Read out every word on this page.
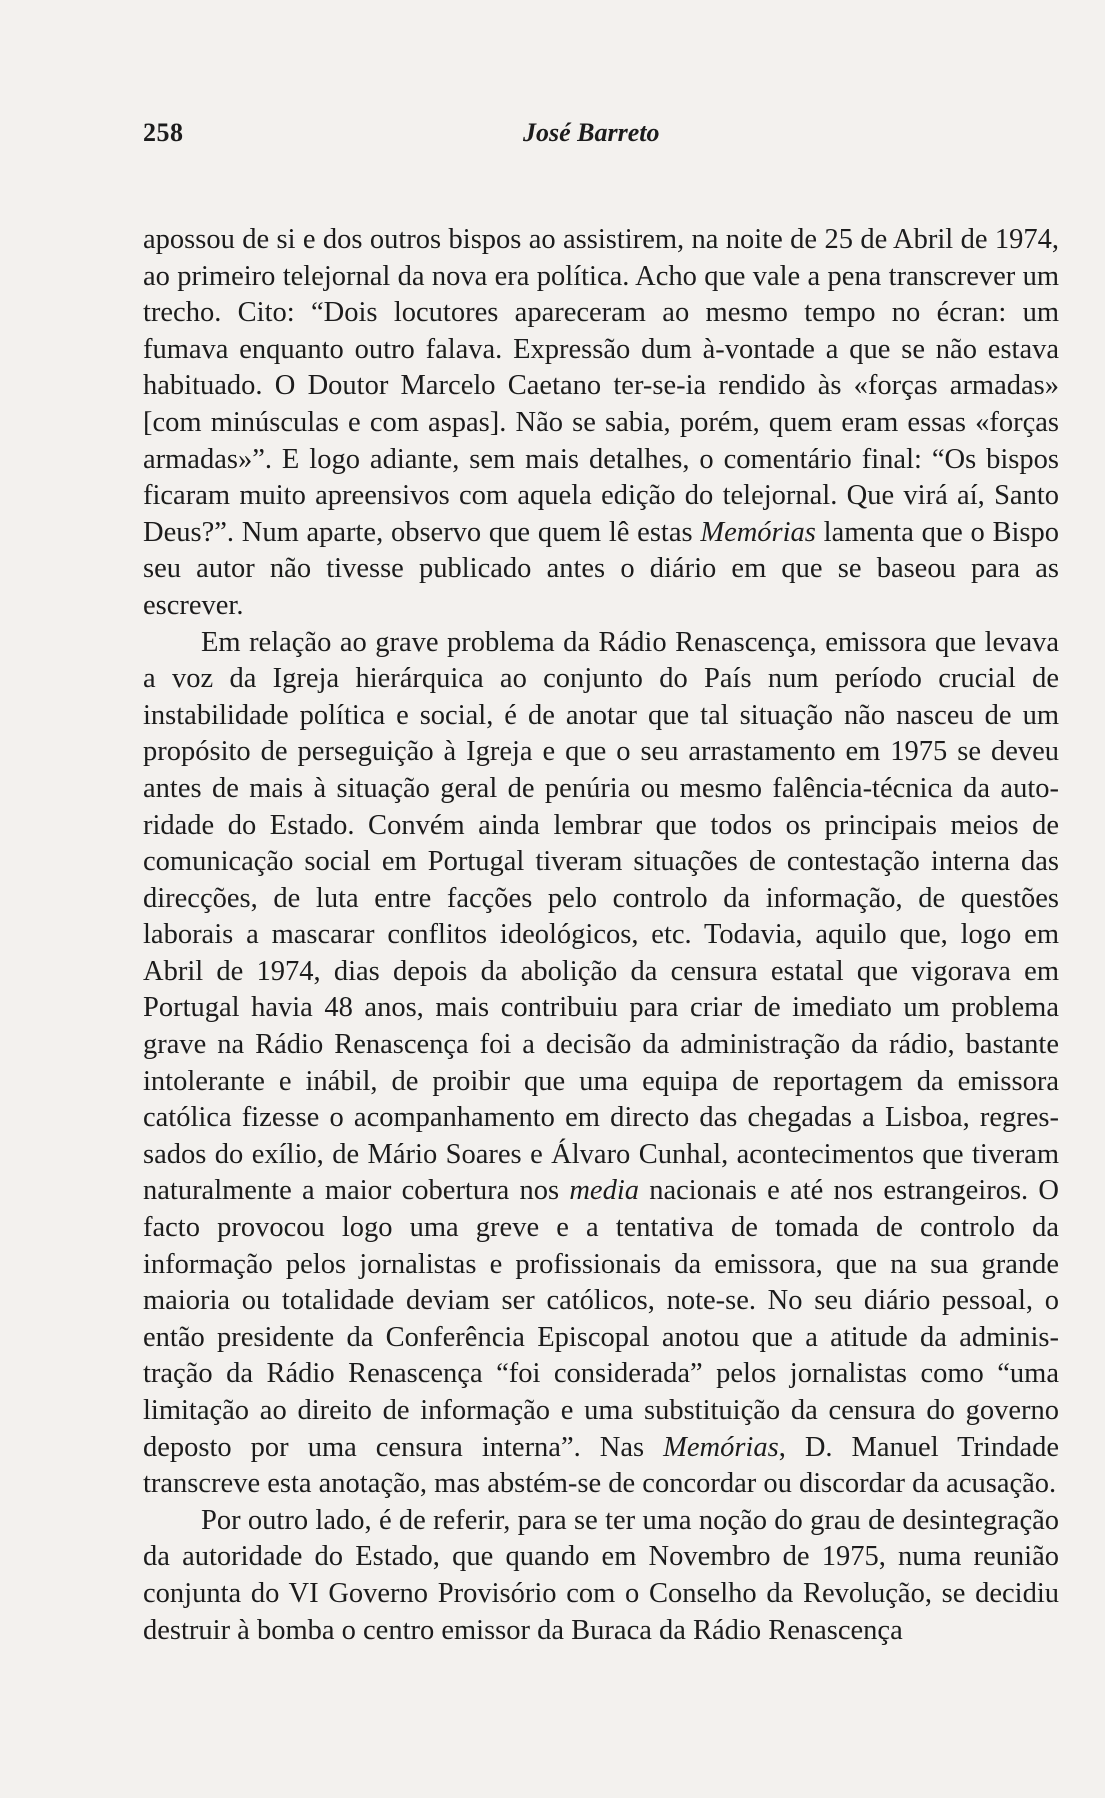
258	José Barreto

apossou de si e dos outros bispos ao assistirem, na noite de 25 de Abril de 1974, ao primeiro telejornal da nova era política. Acho que vale a pena transcrever um trecho. Cito: “Dois locutores apareceram ao mesmo tempo no écran: um fumava enquanto outro falava. Expressão dum à-vontade a que se não estava habituado. O Doutor Marcelo Caetano ter-se-ia rendido às «forças armadas» [com minúsculas e com aspas]. Não se sabia, porém, quem eram essas «forças armadas»”. E logo adiante, sem mais detalhes, o comentário final: “Os bispos ficaram muito apreensivos com aquela edição do telejornal. Que virá aí, Santo Deus?”. Num aparte, observo que quem lê estas Memórias lamenta que o Bispo seu autor não tivesse publicado antes o diário em que se baseou para as escrever.

Em relação ao grave problema da Rádio Renascença, emissora que levava a voz da Igreja hierárquica ao conjunto do País num período crucial de instabilidade política e social, é de anotar que tal situação não nasceu de um propósito de perseguição à Igreja e que o seu arrastamento em 1975 se deveu antes de mais à situação geral de penúria ou mesmo falência-técnica da autoridade do Estado. Convém ainda lembrar que todos os principais meios de comunicação social em Portugal tiveram situações de contestação interna das direcções, de luta entre facções pelo controlo da informação, de questões laborais a mascarar conflitos ideológicos, etc. Todavia, aquilo que, logo em Abril de 1974, dias depois da abolição da censura estatal que vigorava em Portugal havia 48 anos, mais contribuiu para criar de imediato um problema grave na Rádio Renascença foi a decisão da administração da rádio, bastante intolerante e inábil, de proibir que uma equipa de reportagem da emissora católica fizesse o acompanhamento em directo das chegadas a Lisboa, regressados do exílio, de Mário Soares e Álvaro Cunhal, acontecimentos que tiveram naturalmente a maior cobertura nos media nacionais e até nos estrangeiros. O facto provocou logo uma greve e a tentativa de tomada de controlo da informação pelos jornalistas e profissionais da emissora, que na sua grande maioria ou totalidade deviam ser católicos, note-se. No seu diário pessoal, o então presidente da Conferência Episcopal anotou que a atitude da administração da Rádio Renascença “foi considerada” pelos jornalistas como “uma limitação ao direito de informação e uma substituição da censura do governo deposto por uma censura interna”. Nas Memórias, D. Manuel Trindade transcreve esta anotação, mas abstém-se de concordar ou discordar da acusação.

Por outro lado, é de referir, para se ter uma noção do grau de desintegração da autoridade do Estado, que quando em Novembro de 1975, numa reunião conjunta do VI Governo Provisório com o Conselho da Revolução, se decidiu destruir à bomba o centro emissor da Buraca da Rádio Renascença
